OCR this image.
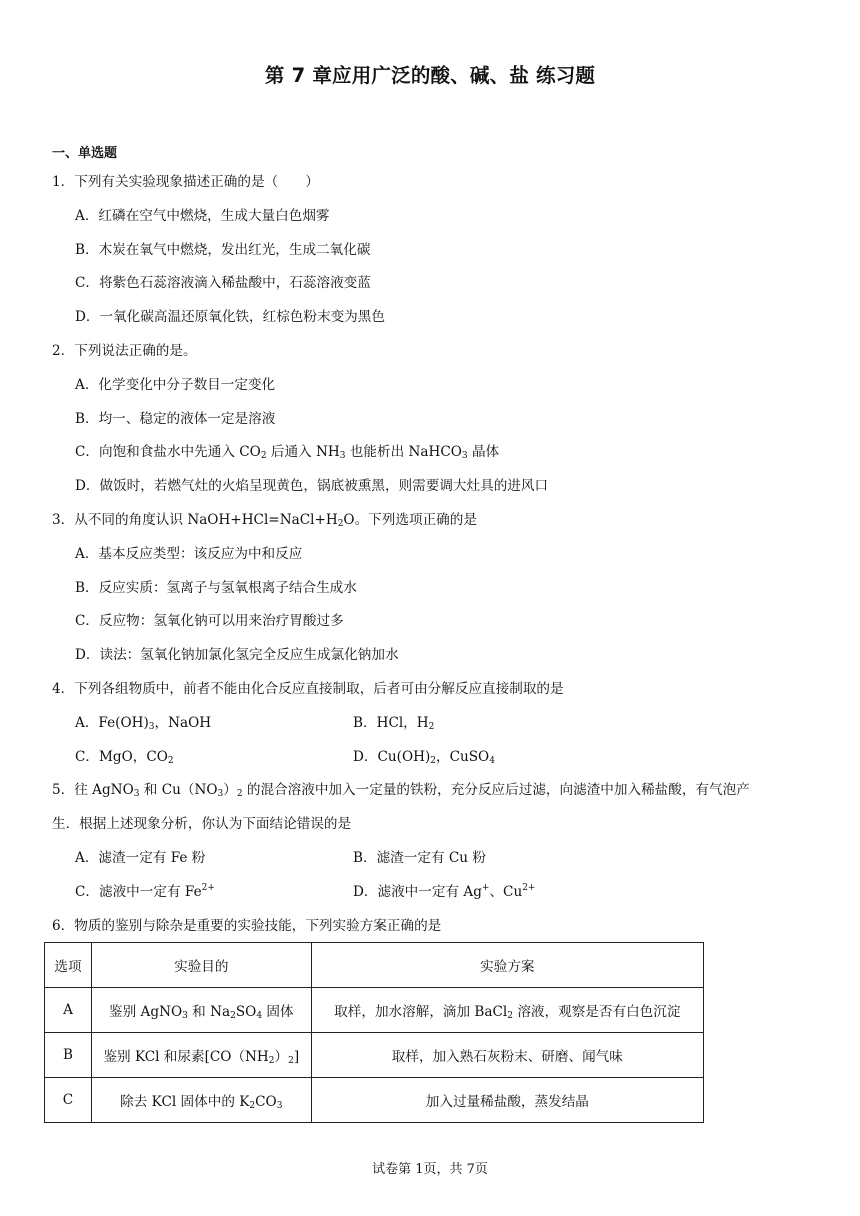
第 7 章应用广泛的酸、碱、盐 练习题
一、单选题
1．下列有关实验现象描述正确的是（　　）
A．红磷在空气中燃烧，生成大量白色烟雾
B．木炭在氧气中燃烧，发出红光，生成二氧化碳
C．将紫色石蕊溶液滴入稀盐酸中，石蕊溶液变蓝
D．一氧化碳高温还原氧化铁，红棕色粉末变为黑色
2．下列说法正确的是。
A．化学变化中分子数目一定变化
B．均一、稳定的液体一定是溶液
C．向饱和食盐水中先通入 $CO_2$ 后通入 $NH_3$ 也能析出 NaHCO$_3$ 晶体
D．做饭时，若燃气灶的火焰呈现黄色，锅底被熏黑，则需要调大灶具的进风口
3．从不同的角度认识 $NaOH+HCl=NaCl+H_2O$。下列选项正确的是
A．基本反应类型：该反应为中和反应
B．反应实质：氢离子与氢氧根离子结合生成水
C．反应物：氢氧化钠可以用来治疗胃酸过多
D．读法：氢氧化钠加氯化氢完全反应生成氯化钠加水
4．下列各组物质中，前者不能由化合反应直接制取，后者可由分解反应直接制取的是
A．$Fe(OH)_3$，NaOH	B．HCl，$H_2$
C．MgO，$CO_2$	D．$Cu(OH)_2$，CuSO$_4$
5．往 AgNO$_3$ 和 $Cu(NO_3)_2$ 的混合溶液中加入一定量的铁粉，充分反应后过滤，向滤渣中加入稀盐酸，有气泡产
生．根据上述现象分析，你认为下面结论错误的是
A．滤渣一定有 Fe 粉	B．滤渣一定有 Cu 粉
C．滤液中一定有 $Fe^{2+}$	D．滤液中一定有 Ag+、$Cu^{2+}$
6．物质的鉴别与除杂是重要的实验技能，下列实验方案正确的是
选项	实验目的	实验方案
A	鉴别 AgNO$_3$ 和 $Na_2SO_4$ 固体	取样，加水溶解，滴加 BaCl$_2$ 溶液，观察是否有白色沉淀
B	鉴别 KCl 和尿素$[CO(NH_2)_2]$	取样，加入熟石灰粉末、研磨、闻气味
C	除去 KCl 固体中的 $K_2CO_3$	加入过量稀盐酸，蒸发结晶
试卷第 1页，共 7页
